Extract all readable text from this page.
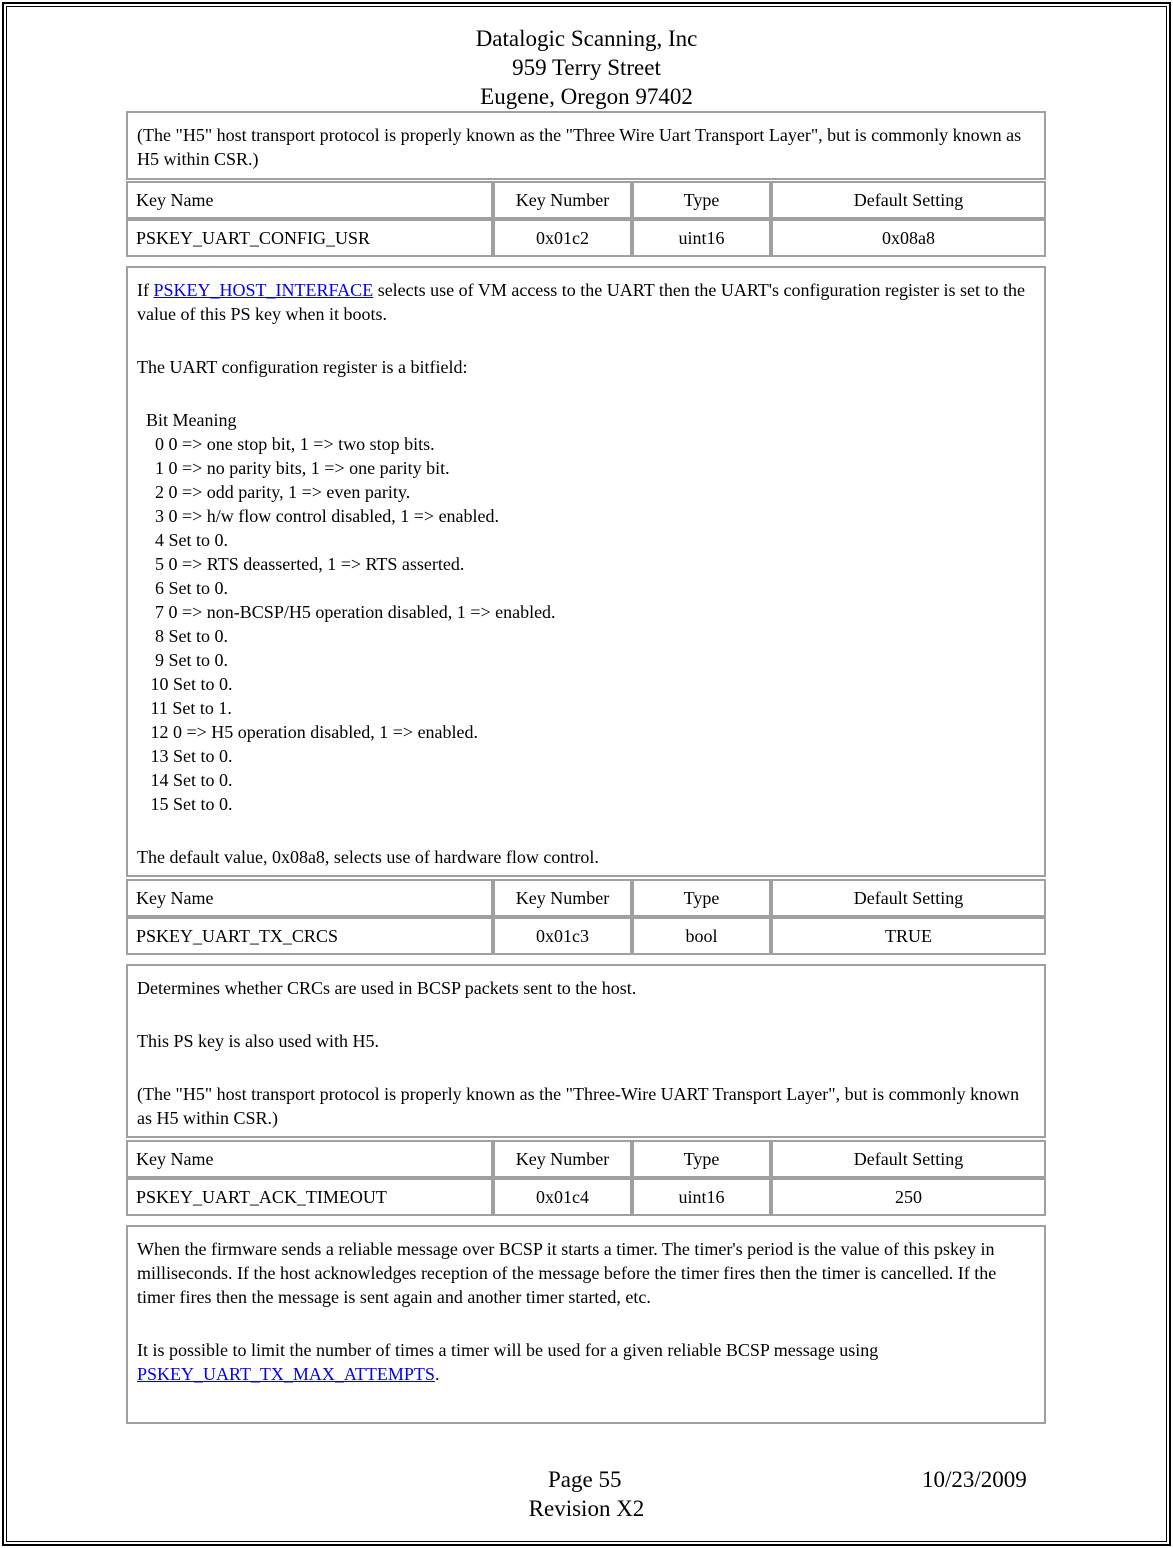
Datalogic Scanning, Inc
959 Terry Street
Eugene, Oregon 97402

(The "H5" host transport protocol is properly known as the "Three Wire Uart Transport Layer", but is commonly known as H5 within CSR.)

Key Name	Key Number	Type	Default Setting
PSKEY_UART_CONFIG_USR	0x01c2	uint16	0x08a8

If PSKEY_HOST_INTERFACE selects use of VM access to the UART then the UART's configuration register is set to the value of this PS key when it boots.

The UART configuration register is a bitfield:

Bit Meaning
0 0 => one stop bit, 1 => two stop bits.
1 0 => no parity bits, 1 => one parity bit.
2 0 => odd parity, 1 => even parity.
3 0 => h/w flow control disabled, 1 => enabled.
4 Set to 0.
5 0 => RTS deasserted, 1 => RTS asserted.
6 Set to 0.
7 0 => non-BCSP/H5 operation disabled, 1 => enabled.
8 Set to 0.
9 Set to 0.
10 Set to 0.
11 Set to 1.
12 0 => H5 operation disabled, 1 => enabled.
13 Set to 0.
14 Set to 0.
15 Set to 0.

The default value, 0x08a8, selects use of hardware flow control.

Key Name	Key Number	Type	Default Setting
PSKEY_UART_TX_CRCS	0x01c3	bool	TRUE

Determines whether CRCs are used in BCSP packets sent to the host.

This PS key is also used with H5.

(The "H5" host transport protocol is properly known as the "Three-Wire UART Transport Layer", but is commonly known as H5 within CSR.)

Key Name	Key Number	Type	Default Setting
PSKEY_UART_ACK_TIMEOUT	0x01c4	uint16	250

When the firmware sends a reliable message over BCSP it starts a timer. The timer's period is the value of this pskey in milliseconds. If the host acknowledges reception of the message before the timer fires then the timer is cancelled. If the timer fires then the message is sent again and another timer started, etc.

It is possible to limit the number of times a timer will be used for a given reliable BCSP message using PSKEY_UART_TX_MAX_ATTEMPTS.

Page 55	10/23/2009
Revision X2
